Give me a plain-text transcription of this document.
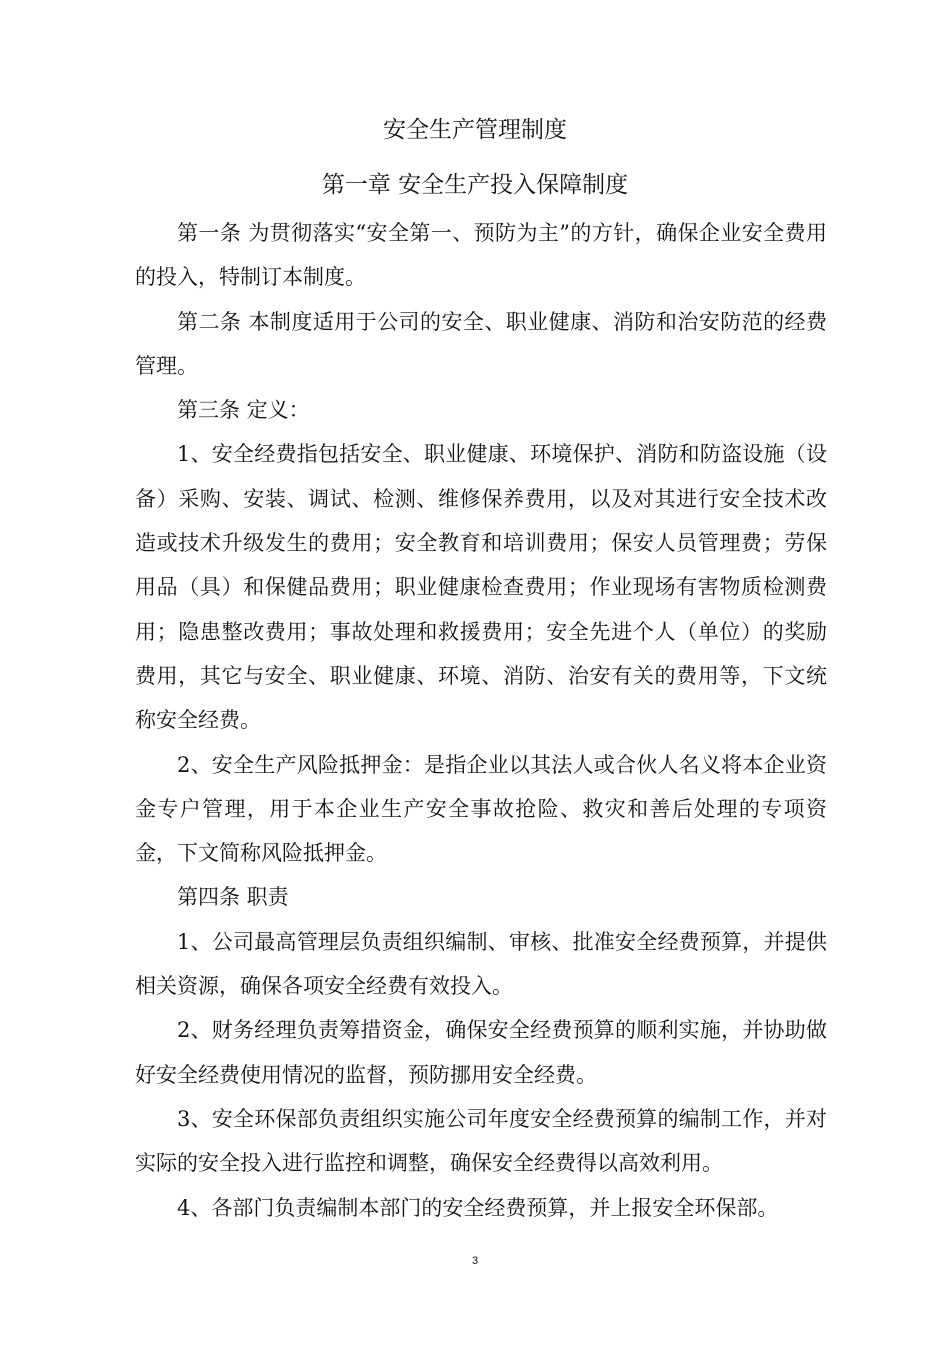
安全生产管理制度
第一章 安全生产投入保障制度

第一条 为贯彻落实“安全第一、预防为主”的方针，确保企业安全费用的投入，特制订本制度。

第二条 本制度适用于公司的安全、职业健康、消防和治安防范的经费管理。

第三条 定义：

1、安全经费指包括安全、职业健康、环境保护、消防和防盗设施（设备）采购、安装、调试、检测、维修保养费用，以及对其进行安全技术改造或技术升级发生的费用；安全教育和培训费用；保安人员管理费；劳保用品（具）和保健品费用；职业健康检查费用；作业现场有害物质检测费用；隐患整改费用；事故处理和救援费用；安全先进个人（单位）的奖励费用，其它与安全、职业健康、环境、消防、治安有关的费用等，下文统称安全经费。

2、安全生产风险抵押金：是指企业以其法人或合伙人名义将本企业资金专户管理，用于本企业生产安全事故抢险、救灾和善后处理的专项资金，下文简称风险抵押金。

第四条 职责

1、公司最高管理层负责组织编制、审核、批准安全经费预算，并提供相关资源，确保各项安全经费有效投入。

2、财务经理负责筹措资金，确保安全经费预算的顺利实施，并协助做好安全经费使用情况的监督，预防挪用安全经费。

3、安全环保部负责组织实施公司年度安全经费预算的编制工作，并对实际的安全投入进行监控和调整，确保安全经费得以高效利用。

4、各部门负责编制本部门的安全经费预算，并上报安全环保部。

3
